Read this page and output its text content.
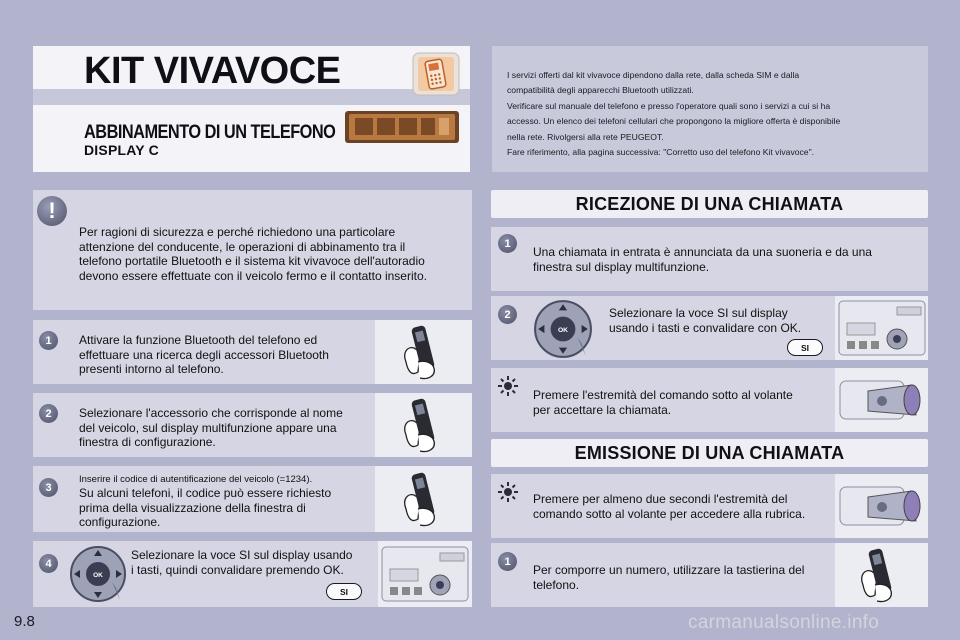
KIT VIVAVOCE
ABBINAMENTO DI UN TELEFONO
DISPLAY C
I servizi offerti dal kit vivavoce dipendono dalla rete, dalla scheda SIM e dalla
compatibilità degli apparecchi Bluetooth utilizzati.
Verificare sul manuale del telefono e presso l'operatore quali sono i servizi a cui si ha
accesso. Un elenco dei telefoni cellulari che propongono la migliore offerta è disponibile
nella rete. Rivolgersi alla rete PEUGEOT.
Fare riferimento, alla pagina successiva: "Corretto uso del telefono Kit vivavoce".
!
Per ragioni di sicurezza e perché richiedono una particolare
attenzione del conducente, le operazioni di abbinamento tra il
telefono portatile Bluetooth e il sistema kit vivavoce dell'autoradio
devono essere effettuate con il veicolo fermo e il contatto inserito.
1	Attivare la funzione Bluetooth del telefono ed
effettuare una ricerca degli accessori Bluetooth
presenti intorno al telefono.
2	Selezionare l'accessorio che corrisponde al nome
del veicolo, sul display multifunzione appare una
finestra di configurazione.
3
Inserire il codice di autentificazione del veicolo (=1234).
Su alcuni telefoni, il codice può essere richiesto
prima della visualizzazione della finestra di
configurazione.
4
OK
Selezionare la voce SI sul display usando
i tasti, quindi convalidare premendo OK.
SI
RICEZIONE DI UNA CHIAMATA
1
Una chiamata in entrata è annunciata da una suoneria e da una
finestra sul display multifunzione.
2
OK
Selezionare la voce SI sul display
usando i tasti e convalidare con OK.
SI
Premere l'estremità del comando sotto al volante
per accettare la chiamata.
EMISSIONE DI UNA CHIAMATA
Premere per almeno due secondi l'estremità del
comando sotto al volante per accedere alla rubrica.
1
Per comporre un numero, utilizzare la tastierina del
telefono.
9.8	carmanualsonline.info
